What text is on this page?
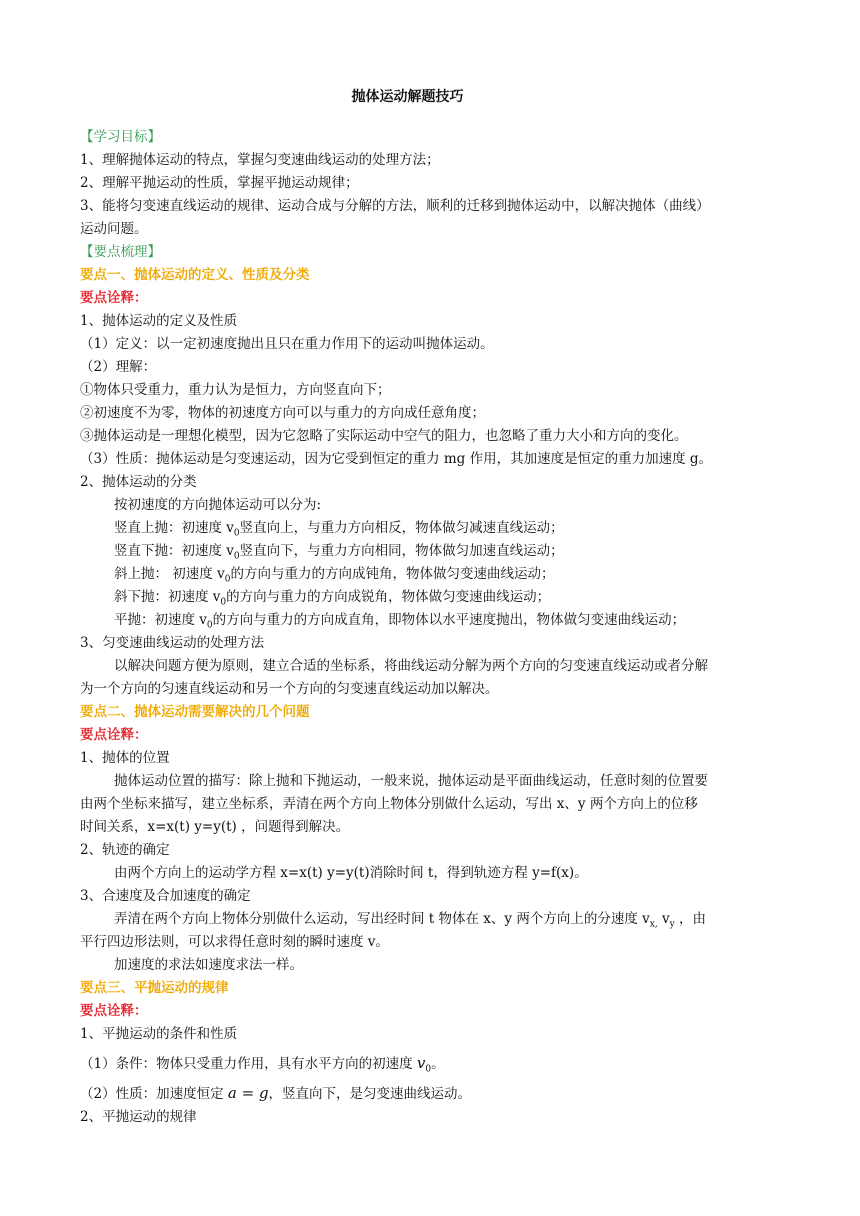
抛体运动解题技巧
【学习目标】
1、理解抛体运动的特点，掌握匀变速曲线运动的处理方法；
2、理解平抛运动的性质，掌握平抛运动规律；
3、能将匀变速直线运动的规律、运动合成与分解的方法，顺利的迁移到抛体运动中，以解决抛体（曲线）
运动问题。
【要点梳理】
要点一、抛体运动的定义、性质及分类
要点诠释：
1、抛体运动的定义及性质
（1）定义：以一定初速度抛出且只在重力作用下的运动叫抛体运动。
（2）理解：
①物体只受重力，重力认为是恒力，方向竖直向下；
②初速度不为零，物体的初速度方向可以与重力的方向成任意角度；
③抛体运动是一理想化模型，因为它忽略了实际运动中空气的阻力，也忽略了重力大小和方向的变化。
（3）性质：抛体运动是匀变速运动，因为它受到恒定的重力 mg 作用，其加速度是恒定的重力加速度 g。
2、抛体运动的分类
按初速度的方向抛体运动可以分为:
竖直上抛：初速度 $v_0$竖直向上，与重力方向相反，物体做匀减速直线运动；
竖直下抛：初速度 $v_0$竖直向下，与重力方向相同，物体做匀加速直线运动；
斜上抛： 初速度 $v_0$的方向与重力的方向成钝角，物体做匀变速曲线运动；
斜下抛：初速度 $v_0$的方向与重力的方向成锐角，物体做匀变速曲线运动；
平抛：初速度 $v_0$的方向与重力的方向成直角，即物体以水平速度抛出，物体做匀变速曲线运动；
3、匀变速曲线运动的处理方法
以解决问题方便为原则，建立合适的坐标系，将曲线运动分解为两个方向的匀变速直线运动或者分解
为一个方向的匀速直线运动和另一个方向的匀变速直线运动加以解决。
要点二、抛体运动需要解决的几个问题
要点诠释：
1、抛体的位置
抛体运动位置的描写：除上抛和下抛运动，一般来说，抛体运动是平面曲线运动，任意时刻的位置要
由两个坐标来描写，建立坐标系，弄清在两个方向上物体分别做什么运动，写出 x、y 两个方向上的位移
时间关系，x=x(t) y=y(t) ，问题得到解决。
2、轨迹的确定
由两个方向上的运动学方程 x=x(t) y=y(t)消除时间 t，得到轨迹方程 y=f(x)。
3、合速度及合加速度的确定
弄清在两个方向上物体分别做什么运动，写出经时间 t 物体在 x、y 两个方向上的分速度 $v_{x,}$ $v_y$ ，由
平行四边形法则，可以求得任意时刻的瞬时速度 v。
加速度的求法如速度求法一样。
要点三、平抛运动的规律
要点诠释：
1、平抛运动的条件和性质
（1）条件：物体只受重力作用，具有水平方向的初速度 $v_0$。
（2）性质：加速度恒定 a = g，竖直向下，是匀变速曲线运动。
2、平抛运动的规律
